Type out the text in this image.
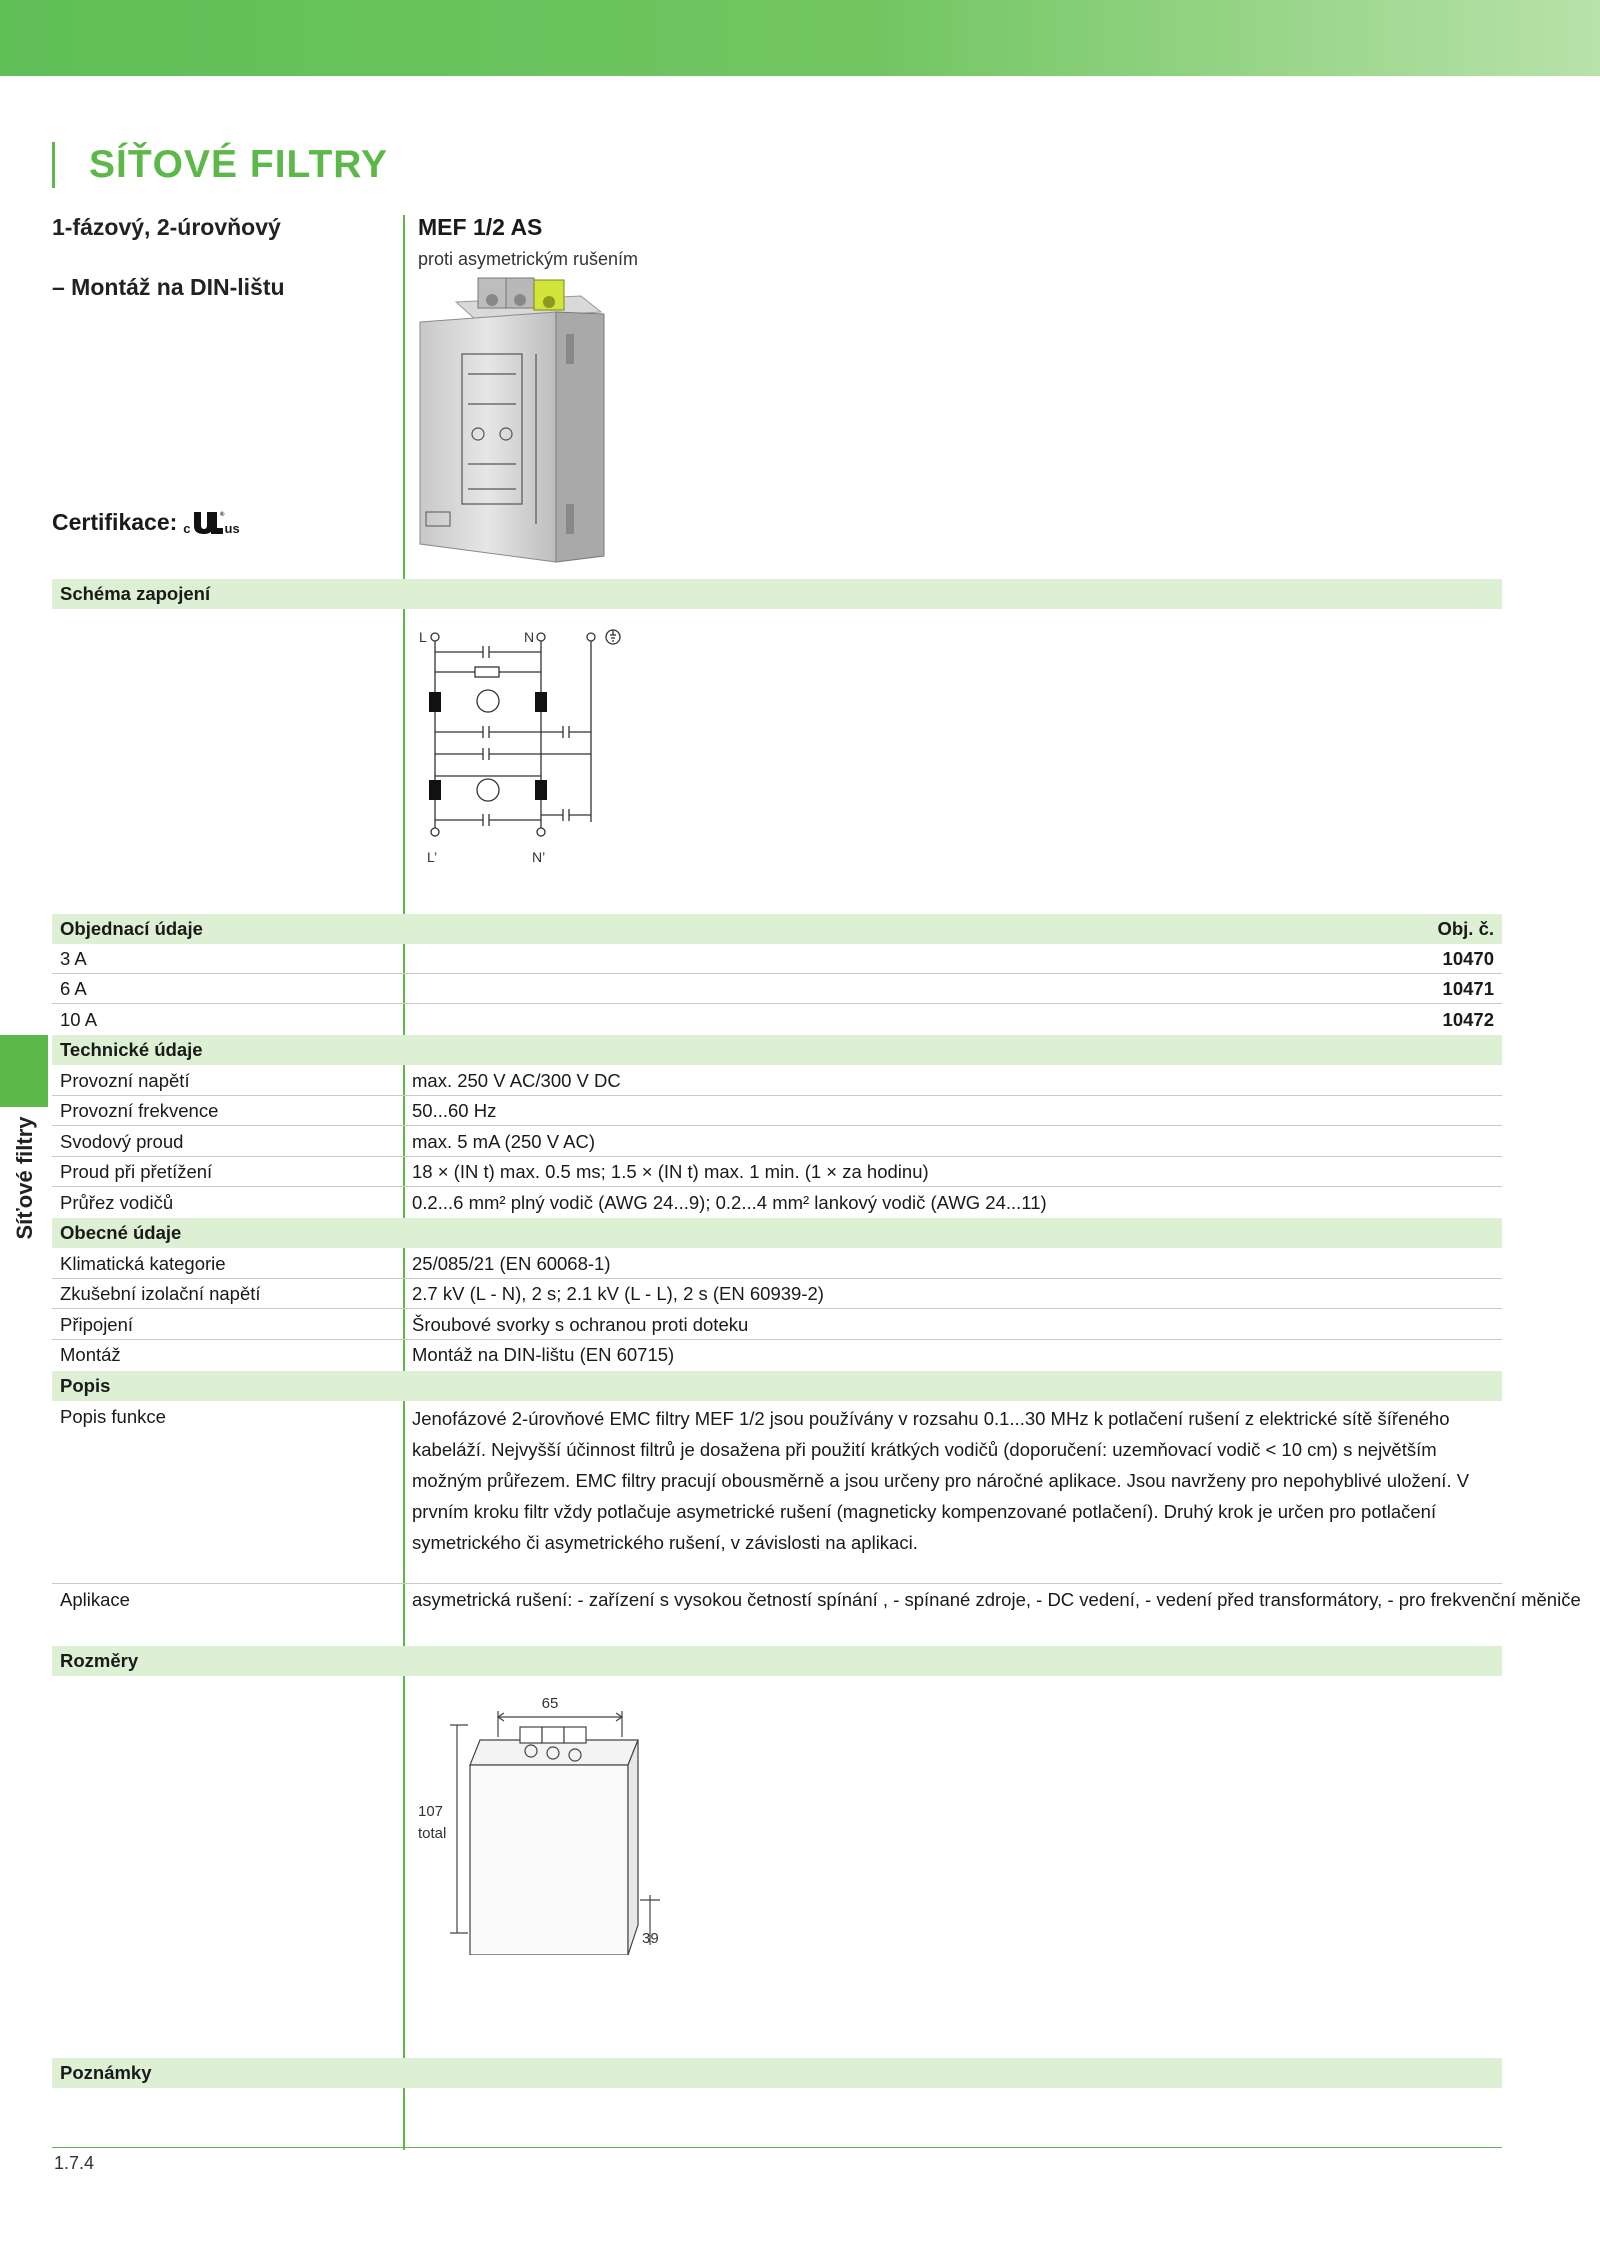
SÍŤOVÉ FILTRY
1-fázový, 2-úrovňový
– Montáž na DIN-lištu
Certifikace: c
®
us
MEF 1/2 AS
proti asymetrickým rušením
Schéma zapojení
L	N
L’	N’
Objednací údaje	Obj. č.
3 A	10470
6 A	10471
10 A	10472
Technické údaje
Provozní napětí	max. 250 V AC/300 V DC
Provozní frekvence	50...60 Hz
Svodový proud	max. 5 mA (250 V AC)
Proud při přetížení	18 × (IN t) max. 0.5 ms; 1.5 × (IN t) max. 1 min. (1 × za hodinu)
Průřez vodičů	0.2...6 mm² plný vodič (AWG 24...9); 0.2...4 mm² lankový vodič (AWG 24...11)
Obecné údaje
Klimatická kategorie	25/085/21 (EN 60068-1)
Zkušební izolační napětí	2.7 kV (L - N), 2 s; 2.1 kV (L - L), 2 s (EN 60939-2)
Připojení	Šroubové svorky s ochranou proti doteku
Montáž	Montáž na DIN-lištu (EN 60715)
Popis
Popis funkce	Jenofázové 2-úrovňové EMC filtry MEF 1/2 jsou používány v rozsahu 0.1...30 MHz k potlačení rušení z elektrické sítě šířeného kabeláží. Nejvyšší účinnost filtrů je dosažena při použití krátkých vodičů (doporučení: uzemňovací vodič < 10 cm) s největším možným průřezem. EMC filtry pracují obousměrně a jsou určeny pro náročné aplikace. Jsou navrženy pro nepohyblivé uložení. V prvním kroku filtr vždy potlačuje asymetrické rušení (magneticky kompenzované potlačení). Druhý krok je určen pro potlačení symetrického či asymetrického rušení, v závislosti na aplikaci.
Aplikace	asymetrická rušení: - zařízení s vysokou četností spínání , - spínané zdroje, - DC vedení, - vedení před transformátory, - pro frekvenční měniče
Rozměry
65
107
total
39
Poznámky
1.7.4
Síťové filtry
